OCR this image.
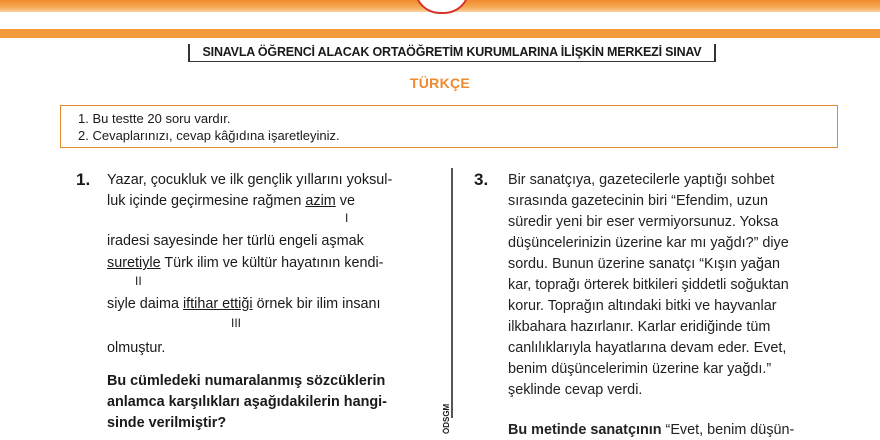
SINAVLA ÖĞRENCİ ALACAK ORTAÖĞRETİM KURUMLARINA İLİŞKİN MERKEZİ SINAV
TÜRKÇE
1. Bu testte 20 soru vardır.
2. Cevaplarınızı, cevap kâğıdına işaretleyiniz.
1. Yazar, çocukluk ve ilk gençlik yıllarını yoksul-
luk içinde geçirmesine rağmen azim ve
I
iradesi sayesinde her türlü engeli aşmak
suretiyle Türk ilim ve kültür hayatının kendi-
II
siyle daima iftihar ettiği örnek bir ilim insanı
III
olmuştur.
Bu cümledeki numaralanmış sözcüklerin
anlamca karşılıkları aşağıdakilerin hangi-
sinde verilmiştir?	ÖDSGM
3. Bir sanatçıya, gazetecilerle yaptığı sohbet
sırasında gazetecinin biri “Efendim, uzun
süredir yeni bir eser vermiyorsunuz. Yoksa
düşüncelerinizin üzerine kar mı yağdı?” diye
sordu. Bunun üzerine sanatçı “Kışın yağan
kar, toprağı örterek bitkileri şiddetli soğuktan
korur. Toprağın altındaki bitki ve hayvanlar
ilkbahara hazırlanır. Karlar eridiğinde tüm
canlılıklarıyla hayatlarına devam eder. Evet,
benim düşüncelerimin üzerine kar yağdı.”
şeklinde cevap verdi.
Bu metinde sanatçının “Evet, benim düşün-
